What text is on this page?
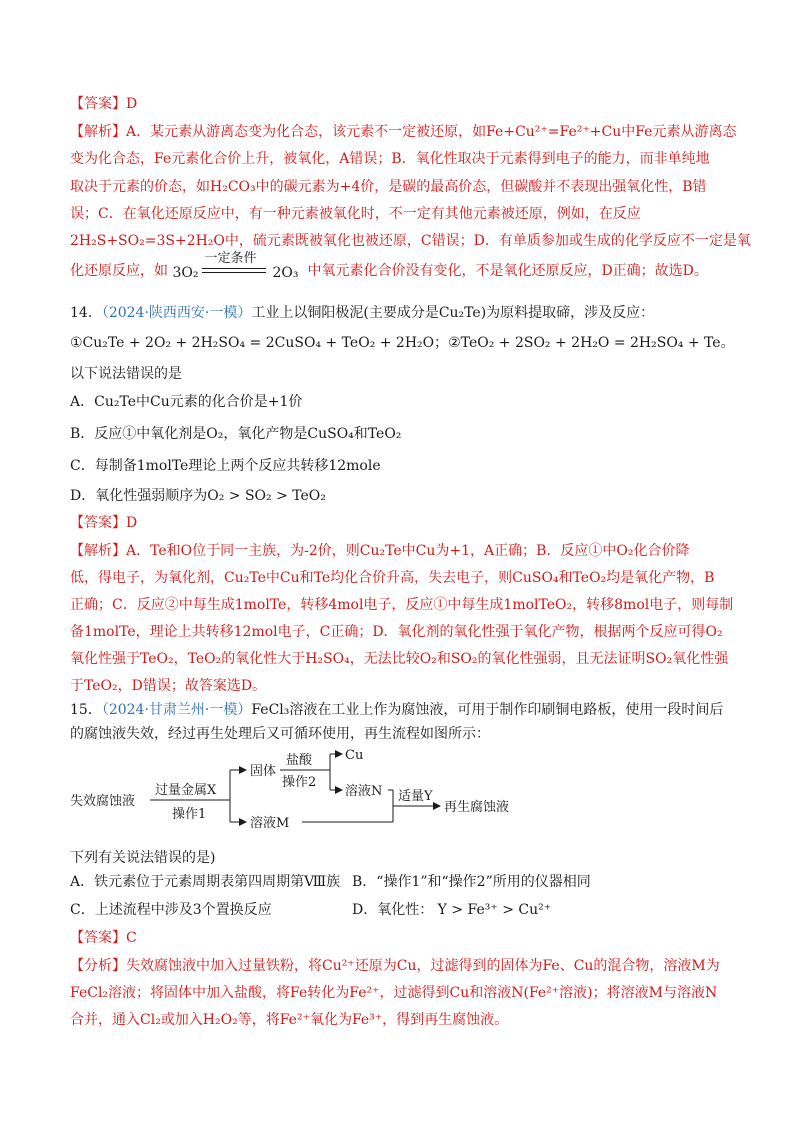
【答案】D
【解析】A．某元素从游离态变为化合态，该元素不一定被还原，如Fe+Cu²⁺=Fe²⁺+Cu中Fe元素从游离态
变为化合态，Fe元素化合价上升，被氧化，A错误；B．氧化性取决于元素得到电子的能力，而非单纯地
取决于元素的价态，如H₂CO₃中的碳元素为+4价，是碳的最高价态，但碳酸并不表现出强氧化性，B错
误；C．在氧化还原反应中，有一种元素被氧化时，不一定有其他元素被还原，例如，在反应
2H₂S+SO₂=3S+2H₂O中，硫元素既被氧化也被还原，C错误；D．有单质参加或生成的化学反应不一定是氧
化还原反应，如 3O₂
一定条件
2O₃ 中氧元素化合价没有变化，不是氧化还原反应，D正确；故选D。
14．（2024·陕西西安·一模）工业上以铜阳极泥(主要成分是Cu₂Te)为原料提取碲，涉及反应：
①Cu₂Te + 2O₂ + 2H₂SO₄ = 2CuSO₄ + TeO₂ + 2H₂O；②TeO₂ + 2SO₂ + 2H₂O = 2H₂SO₄ + Te。
以下说法错误的是
A．Cu₂Te中Cu元素的化合价是+1价
B．反应①中氧化剂是O₂，氧化产物是CuSO₄和TeO₂
C．每制备1molTe理论上两个反应共转移12mole
D．氧化性强弱顺序为O₂ > SO₂ > TeO₂
【答案】D
【解析】A．Te和O位于同一主族，为-2价，则Cu₂Te中Cu为+1，A正确；B．反应①中O₂化合价降
低，得电子，为氧化剂，Cu₂Te中Cu和Te均化合价升高，失去电子，则CuSO₄和TeO₂均是氧化产物，B
正确；C．反应②中每生成1molTe，转移4mol电子，反应①中每生成1molTeO₂，转移8mol电子，则每制
备1molTe，理论上共转移12mol电子，C正确；D．氧化剂的氧化性强于氧化产物，根据两个反应可得O₂
氧化性强于TeO₂，TeO₂的氧化性大于H₂SO₄，无法比较O₂和SO₂的氧化性强弱，且无法证明SO₂氧化性强
于TeO₂，D错误；故答案选D。
15．（2024·甘肃兰州·一模）FeCl₃溶液在工业上作为腐蚀液，可用于制作印刷铜电路板，使用一段时间后
的腐蚀液失效，经过再生处理后又可循环使用，再生流程如图所示：
失效腐蚀液
过量金属X
操作1
固体
盐酸
操作2
Cu
溶液N
溶液M
适量Y
再生腐蚀液
下列有关说法错误的是)
A．铁元素位于元素周期表第四周期第Ⅷ族 B．“操作1”和“操作2”所用的仪器相同
C．上述流程中涉及3个置换反应	D．氧化性： Y > Fe³⁺ > Cu²⁺
【答案】C
【分析】失效腐蚀液中加入过量铁粉，将Cu²⁺还原为Cu，过滤得到的固体为Fe、Cu的混合物，溶液M为
FeCl₂溶液；将固体中加入盐酸，将Fe转化为Fe²⁺，过滤得到Cu和溶液N(Fe²⁺溶液)；将溶液M与溶液N
合并，通入Cl₂或加入H₂O₂等，将Fe²⁺氧化为Fe³⁺，得到再生腐蚀液。
